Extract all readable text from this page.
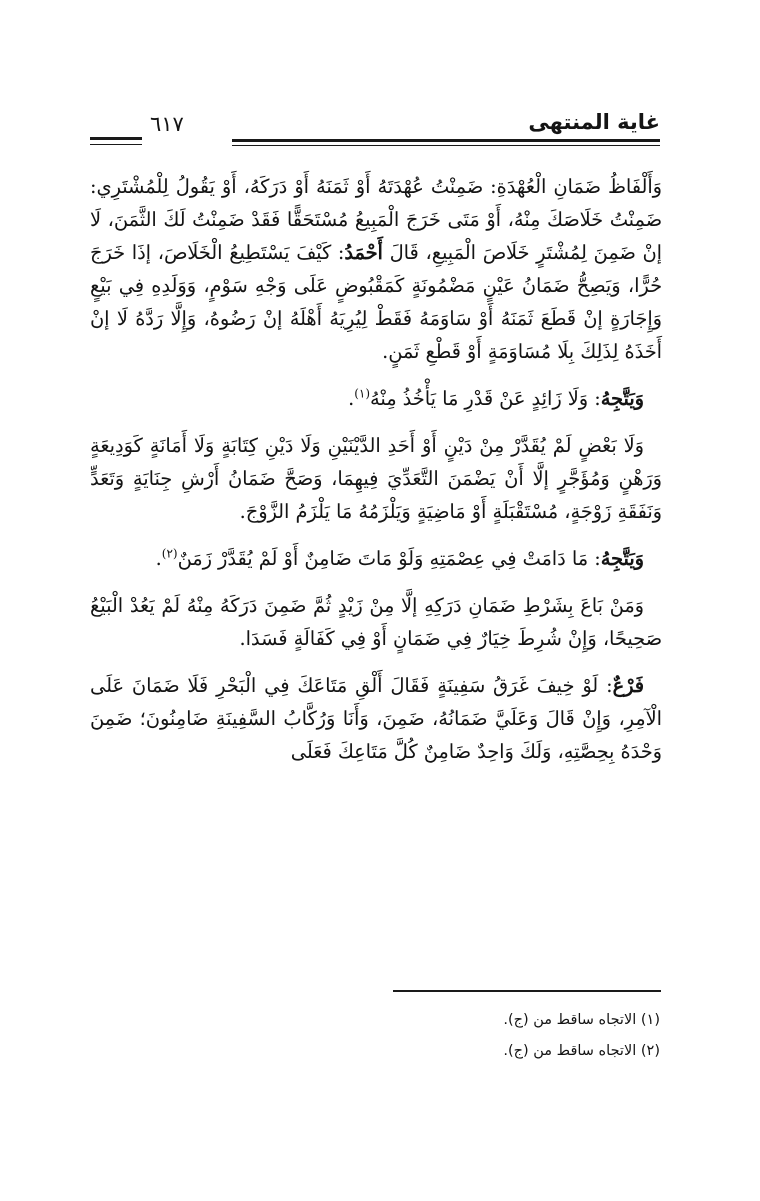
غاية المنتهى
٦١٧

وَأَلْفَاظُ ضَمَانِ الْعُهْدَةِ: ضَمِنْتُ عُهْدَتَهُ أَوْ ثَمَنَهُ أَوْ دَرَكَهُ، أَوْ يَقُولُ لِلْمُشْتَرِي: ضَمِنْتُ خَلَاصَكَ مِنْهُ، أَوْ مَتَى خَرَجَ الْمَبِيعُ مُسْتَحَقًّا فَقَدْ ضَمِنْتُ لَكَ الثَّمَنَ، لَا إنْ ضَمِنَ لِمُشْتَرٍ خَلَاصَ الْمَبِيعِ، قَالَ أَحْمَدُ: كَيْفَ يَسْتَطِيعُ الْخَلَاصَ، إذَا خَرَجَ حُرًّا، وَيَصِحُّ ضَمَانُ عَيْنٍ مَضْمُونَةٍ كَمَقْبُوضٍ عَلَى وَجْهِ سَوْمٍ، وَوَلَدِهِ فِي بَيْعٍ وَإِجَارَةٍ إنْ قَطَعَ ثَمَنَهُ أَوْ سَاوَمَهُ فَقَطْ لِيُرِيَهُ أَهْلَهُ إنْ رَضُوهُ، وَإِلَّا رَدَّهُ لَا إنْ أَخَذَهُ لِذَلِكَ بِلَا مُسَاوَمَةٍ أَوْ قَطْعِ ثَمَنٍ.

وَيَتَّجِهُ: وَلَا زَائِدٍ عَنْ قَدْرِ مَا يَأْخُذُ مِنْهُ$^{(١)}$.

وَلَا بَعْضٍ لَمْ يُقَدَّرْ مِنْ دَيْنٍ أَوْ أَحَدِ الدَّيْنَيْنِ وَلَا دَيْنِ كِتَابَةٍ وَلَا أَمَانَةٍ كَوَدِيعَةٍ وَرَهْنٍ وَمُؤَجَّرٍ إلَّا أَنْ يَضْمَنَ التَّعَدِّيَ فِيهِمَا، وَصَحَّ ضَمَانُ أَرْشِ جِنَايَةٍ وَتَعَدٍّ وَنَفَقَةِ زَوْجَةٍ، مُسْتَقْبَلَةٍ أَوْ مَاضِيَةٍ وَيَلْزَمُهُ مَا يَلْزَمُ الزَّوْجَ.

وَيَتَّجِهُ: مَا دَامَتْ فِي عِصْمَتِهِ وَلَوْ مَاتَ ضَامِنٌ أَوْ لَمْ يُقَدَّرْ زَمَنٌ$^{(٢)}$.

وَمَنْ بَاعَ بِشَرْطِ ضَمَانِ دَرَكِهِ إلَّا مِنْ زَيْدٍ ثُمَّ ضَمِنَ دَرَكَهُ مِنْهُ لَمْ يَعُدْ الْبَيْعُ صَحِيحًا، وَإِنْ شُرِطَ خِيَارٌ فِي ضَمَانٍ أَوْ فِي كَفَالَةٍ فَسَدَا.

فَرْعٌ: لَوْ خِيفَ غَرَقُ سَفِينَةٍ فَقَالَ أَلْقِ مَتَاعَكَ فِي الْبَحْرِ فَلَا ضَمَانَ عَلَى الْآمِرِ، وَإِنْ قَالَ وَعَلَيَّ ضَمَانُهُ، ضَمِنَ، وَأَنَا وَرُكَّابُ السَّفِينَةِ ضَامِنُونَ؛ ضَمِنَ وَحْدَهُ بِحِصَّتِهِ، وَلَكَ وَاحِدٌ ضَامِنٌ كُلَّ مَتَاعِكَ فَعَلَى

(١) الاتجاه ساقط من (ج).
(٢) الاتجاه ساقط من (ج).
